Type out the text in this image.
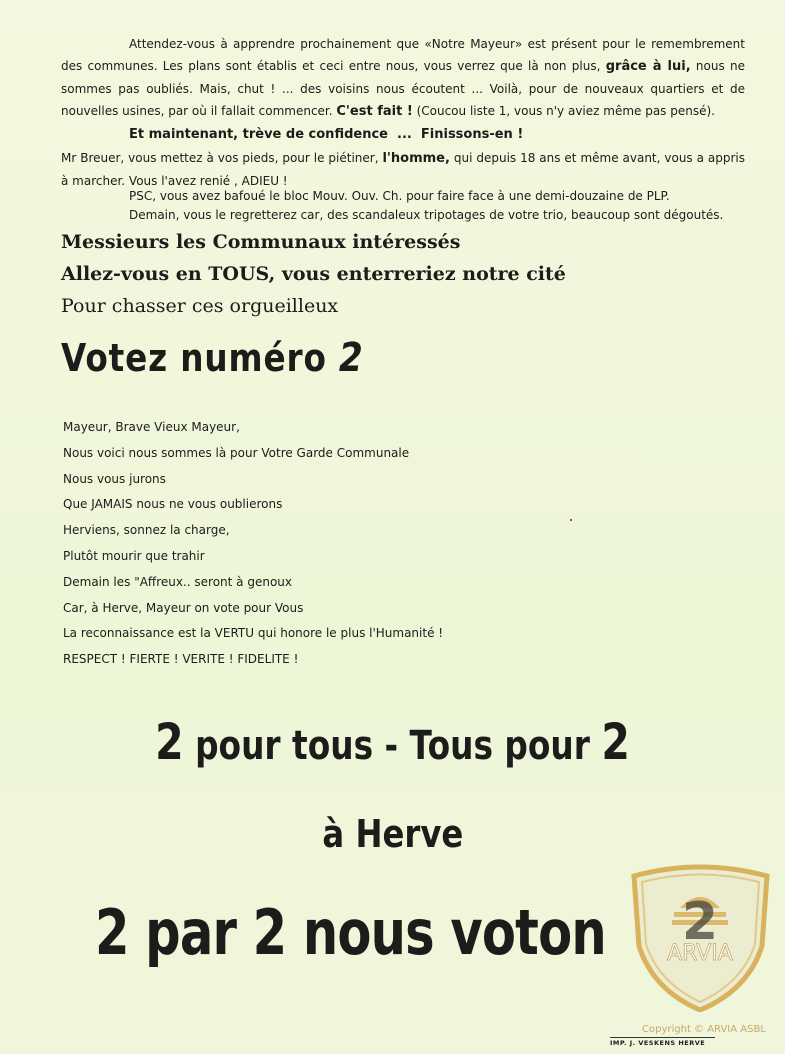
Attendez-vous à apprendre prochainement que «Notre Mayeur» est présent pour le remembrement des communes. Les plans sont établis et ceci entre nous, vous verrez que là non plus, grâce à lui, nous ne sommes pas oubliés. Mais, chut ! ... des voisins nous écoutent ... Voilà, pour de nouveaux quartiers et de nouvelles usines, par où il fallait commencer. C'est fait ! (Coucou liste 1, vous n'y aviez même pas pensé).

Et maintenant, trève de confidence  ...  Finissons-en !

Mr Breuer, vous mettez à vos pieds, pour le piétiner, l'homme, qui depuis 18 ans et même avant, vous a appris à marcher. Vous l'avez renié , ADIEU !

PSC, vous avez bafoué le bloc Mouv. Ouv. Ch. pour faire face à une demi-douzaine de PLP.
Demain, vous le regretterez car, des scandaleux tripotages de votre trio, beaucoup sont dégoutés.
Messieurs les Communaux intéressés
Allez-vous en TOUS, vous enterreriez notre cité
Pour chasser ces orgueilleux
Votez numéro 2
Mayeur, Brave Vieux Mayeur,
Nous voici nous sommes là pour Votre Garde Communale
Nous vous jurons
Que JAMAIS nous ne vous oublierons
Herviens, sonnez la charge,
Plutôt mourir que trahir
Demain les "Affreux.. seront à genoux
Car, à Herve, Mayeur on vote pour Vous
La reconnaissance est la VERTU qui honore le plus l'Humanité !
RESPECT ! FIERTE ! VERITE ! FIDELITE !
2 pour tous - Tous pour 2
à Herve
2 par 2 nous voton	2
ARVIA
Copyright © ARVIA ASBL
IMP. J. VESKENS HERVE
